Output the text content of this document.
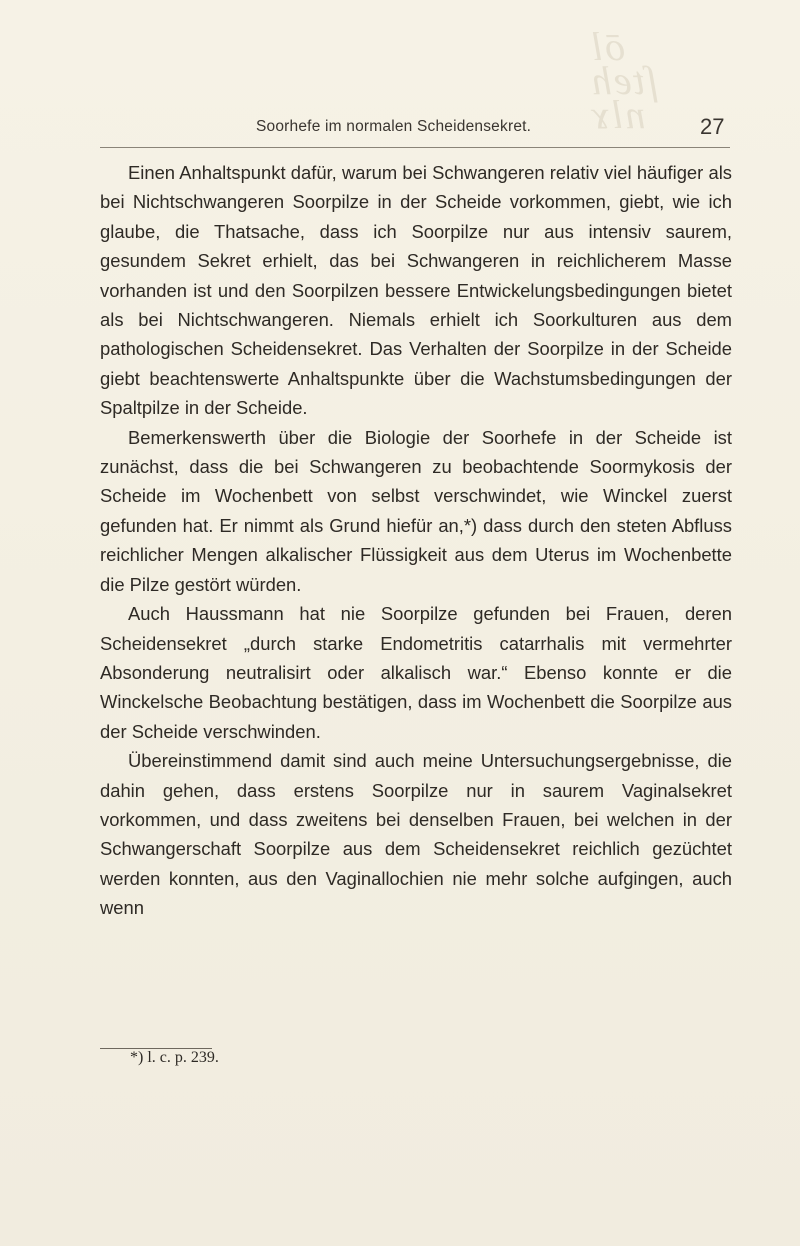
ōl
ſteh
nlɤ
Soorhefe im normalen Scheidensekret.	27

Einen Anhaltspunkt dafür, warum bei Schwangeren relativ viel häufiger als bei Nichtschwangeren Soorpilze in der Scheide vorkommen, giebt, wie ich glaube, die Thatsache, dass ich Soorpilze nur aus intensiv saurem, gesundem Sekret erhielt, das bei Schwangeren in reichlicherem Masse vorhanden ist und den Soorpilzen bessere Entwickelungsbedingungen bietet als bei Nichtschwangeren. Niemals erhielt ich Soorkulturen aus dem pathologischen Scheidensekret. Das Verhalten der Soorpilze in der Scheide giebt beachtenswerte Anhaltspunkte über die Wachstumsbedingungen der Spaltpilze in der Scheide.

Bemerkenswerth über die Biologie der Soorhefe in der Scheide ist zunächst, dass die bei Schwangeren zu beobachtende Soormykosis der Scheide im Wochenbett von selbst verschwindet, wie Winckel zuerst gefunden hat. Er nimmt als Grund hiefür an,*) dass durch den steten Abfluss reichlicher Mengen alkalischer Flüssigkeit aus dem Uterus im Wochenbette die Pilze gestört würden.

Auch Haussmann hat nie Soorpilze gefunden bei Frauen, deren Scheidensekret „durch starke Endometritis catarrhalis mit vermehrter Absonderung neutralisirt oder alkalisch war.“ Ebenso konnte er die Winckelsche Beobachtung bestätigen, dass im Wochenbett die Soorpilze aus der Scheide verschwinden.

Übereinstimmend damit sind auch meine Untersuchungsergebnisse, die dahin gehen, dass erstens Soorpilze nur in saurem Vaginalsekret vorkommen, und dass zweitens bei denselben Frauen, bei welchen in der Schwangerschaft Soorpilze aus dem Scheidensekret reichlich gezüchtet werden konnten, aus den Vaginallochien nie mehr solche aufgingen, auch wenn

*) l. c. p. 239.
